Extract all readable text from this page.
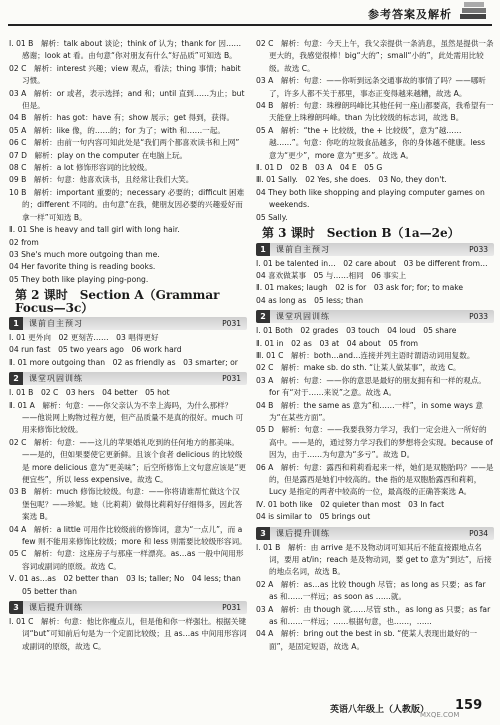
参考答案及解析
Ⅰ. 01 B　解析：talk about 谈论；think of 认为；thank for 因……感谢；look at 看。由句意“你对朋友有什么“好品质”可知选 B。
02 C　解析：interest 兴趣；view 观点，看法；thing 事情；habit 习惯。
03 A　解析：or 或者，表示选择；and 和；until 直到……为止；but 但是。
04 B　解析：has got：have 有；show 展示；get 得到，获得。
05 A　解析：like 像，的……的；for 为了；with 和……一起。
06 C　解析：由前一句内容可知此处是“我们两个都喜欢读书和上网”
07 D　解析：play on the computer 在电脑上玩。
08 C　解析：a lot 修饰形容词的比较级。
09 B　解析：句意：他喜欢读书，且经常让我们大笑。
10 B　解析：important 重要的；necessary 必要的；difficult 困难的；different 不同的。由句意“在我，健朋友因必要的兴趣爱好而拿一样”可知选 B。
Ⅱ. 01 She is heavy and tall girl with long hair.
02 from
03 She's much more outgoing than me.
04 Her favorite thing is reading books.
05 They both like playing ping-pong.
第 2 课时　Section A（Grammar Focus—3c）
1	课前自主预习	P031
Ⅰ. 01 更外向　02 更刻苦……　03 唱得更好
04 run fast　05 two years ago　06 work hard
Ⅱ. 01 more outgoing than　02 as friendly as　03 smarter; or
2	课堂巩固训练	P031
Ⅰ. 01 B　02 C　03 hers　04 better　05 hot
Ⅱ. 01 A　解析：句意：——你父亲认为不幸上海吗，为什么那样？——他说网上购物过程方便，但产品质量不是真的很好。much 可用来修饰比较级。
02 C　解析：句意：——这儿的苹果婚礼吃到的任何地方的都美味。——是的，但如果要使它更新鲜。且该个食者 delicious 的比较级是 more delicious 意为“更美味”；后空所修饰上文句意应该是“更便宜些”，所以 less expensive。故选 C。
03 B　解析：much 修饰比较级。句意：——你将请谁帮忙做这个汉堡包呢？——珍妮。她（比莉莉）做得比莉莉好仔细得多，因此答案选 B。
04 A　解析：a little 可用作比较级前的修饰词，意为“一点儿”，而 a few 则不能用来修饰比较级；more 和 less 则需要比较级形容词。
05 C　解析：句意：这座房子与那座一样漂亮。as…as 一般中间用形容词或副词的原级。故选 C。
Ⅴ. 01 as…as　02 better than　03 Is; taller; No　04 less; than　05 better than
3	课后提升训练	P031
Ⅰ. 01 C　解析：句意：他比你瘦点儿，但是他和你一样强壮。根据关键词“but”可知前后句是为一个定面比较级；且 as…as 中间用形容词或副词的原级，故选 C。
02 C　解析：句意：今天上午，我父亲提供一条消息，虽然是提供一条更大的，我感觉很棒！big“大的”；small“小的”，此处需用比较级。故选 C。
03 A　解析：句意：——你听到远条交通事故的事情了吗？——哪听了，许多人都不关于那里，事态正变得越来越糟，故选 A。
04 B　解析：句意：珠穆朗玛峰比其他任何一座山都要高，我希望有一天能登上珠穆朗玛峰。than 为比较级的标志词，故选 B。
05 A　解析：“the + 比较级，the + 比较级”，意为“越……越……”。句意：你吃的垃圾食品越多，你的身体越不健康。less 意为“更少”，more 意为“更多”。故选 A。
Ⅱ. 01 D　02 B　03 A　04 E　05 G
Ⅲ. 01 Sally.　02 Yes, she does.　03 No, they don't.
04 They both like shopping and playing computer games on weekends.
05 Sally.
第 3 课时　Section B（1a—2e）
1	课前自主预习	P033
Ⅰ. 01 be talented in…　02 care about　03 be different from…
04 喜欢做某事　05 与……相同　06 事实上
Ⅱ. 01 makes; laugh　02 is for　03 ask for; for; to make
04 as long as　05 less; than
2	课堂巩固训练	P033
Ⅰ. 01 Both　02 grades　03 touch　04 loud　05 share
Ⅱ. 01 in　02 as　03 at　04 about　05 from
Ⅲ. 01 C　解析：both…and…连接并列主语时谓语动词用复数。
02 C　解析：make sb. do sth. “让某人做某事”，故选 C。
03 A　解析：句意：——你的意思是最好的朋友拥有和一样的观点。for 有“对于……来说”之意。故选 A。
04 B　解析：the same as 意为“和……一样”，in some ways 意为“在某些方面”。
05 D　解析：句意：——我要我努力学习，我们一定会进入一所好的高中。——是的，通过努力学习我们的梦想将会实现。because of 因为，由于……为句意为“多亏”。故选 D。
06 A　解析：句意：露西和莉莉看起来一样，她们是双胞胎吗？——是的，但是露西是她们中较高的。the 指的是双胞胎露西和莉莉，Lucy 是指定的两者中较高的一位，最高级的正确答案选 A。
Ⅳ. 01 both like　02 quieter than most　03 In fact
04 is similar to　05 brings out
3	课后提升训练	P034
Ⅰ. 01 B　解析：由 arrive 是不及物动词可知其后不能直接跟地点名词，要用 at/in；reach 是及物动词，要 get to 意为“到达”，后接的地点名词，故选 B。
02 A　解析：as…as 比较 though 尽管；as long as 只要；as far as 和……一样远；as soon as ……就。
03 A　解析：由 though 就……尽管 sth.，as long as 只要；as far as 和……一样远；……根据句意，也……，……
04 A　解析：bring out the best in sb. “使某人表现出最好的一面”，是固定短语，故选 A。
英语八年级上（人教版） 159
MXQE.COM
